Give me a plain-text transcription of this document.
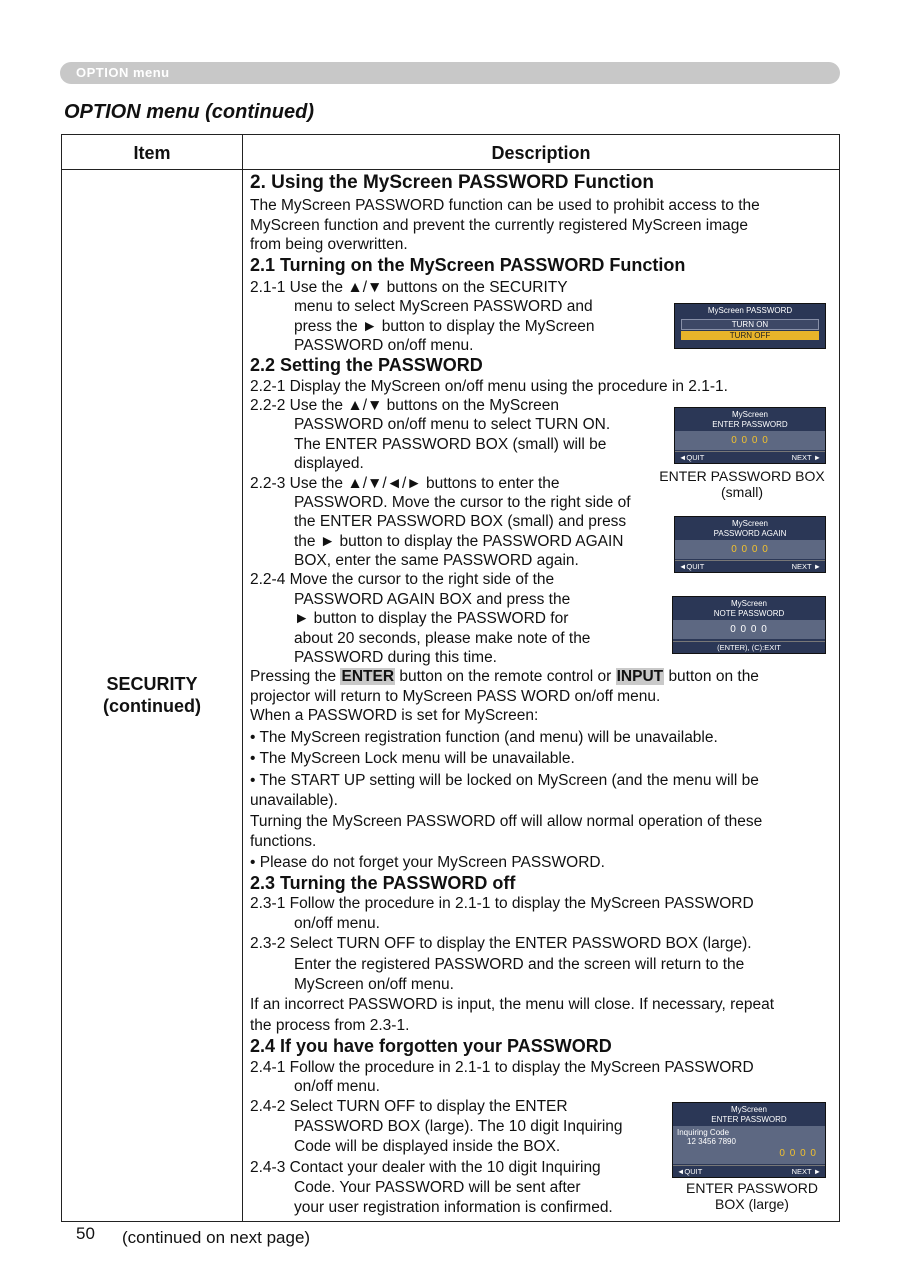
OPTION menu
OPTION menu (continued)
Item	Description
SECURITY
(continued)
2. Using the MyScreen PASSWORD Function
The MyScreen PASSWORD function can be used to prohibit access to the
MyScreen function and prevent the currently registered MyScreen image
from being overwritten.
2.1 Turning on the MyScreen PASSWORD Function
2.1-1 Use the ▲/▼ buttons on the SECURITY
menu to select MyScreen PASSWORD and
press the ► button to display the MyScreen
PASSWORD on/off menu.
2.2 Setting the PASSWORD
2.2-1 Display the MyScreen on/off menu using the procedure in 2.1-1.
2.2-2 Use the ▲/▼ buttons on the MyScreen
PASSWORD on/off menu to select TURN ON.
The ENTER PASSWORD BOX (small) will be
displayed.
2.2-3 Use the ▲/▼/◄/► buttons to enter the
PASSWORD. Move the cursor to the right side of
the ENTER PASSWORD BOX (small) and press
the ► button to display the PASSWORD AGAIN
BOX, enter the same PASSWORD again.
2.2-4 Move the cursor to the right side of the
PASSWORD AGAIN BOX and press the
► button to display the PASSWORD for
about 20 seconds, please make note of the
PASSWORD during this time.
Pressing the ENTER button on the remote control or INPUT button on the
projector will return to MyScreen PASS WORD on/off menu.
When a PASSWORD is set for MyScreen:
• The MyScreen registration function (and menu) will be unavailable.
• The MyScreen Lock menu will be unavailable.
• The START UP setting will be locked on MyScreen (and the menu will be
unavailable).
Turning the MyScreen PASSWORD off will allow normal operation of these
functions.
• Please do not forget your MyScreen PASSWORD.
2.3 Turning the PASSWORD off
2.3-1 Follow the procedure in 2.1-1 to display the MyScreen PASSWORD
on/off menu.
2.3-2 Select TURN OFF to display the ENTER PASSWORD BOX (large).
Enter the registered PASSWORD and the screen will return to the
MyScreen on/off menu.
If an incorrect PASSWORD is input, the menu will close. If necessary, repeat
the process from 2.3-1.
2.4 If you have forgotten your PASSWORD
2.4-1 Follow the procedure in 2.1-1 to display the MyScreen PASSWORD
on/off menu.
2.4-2 Select TURN OFF to display the ENTER
PASSWORD BOX (large). The 10 digit Inquiring
Code will be displayed inside the BOX.
2.4-3 Contact your dealer with the 10 digit Inquiring
Code. Your PASSWORD will be sent after
your user registration information is confirmed.
MyScreen PASSWORD
TURN ON
TURN OFF
MyScreen
ENTER PASSWORD
0 0 0 0
◄QUIT	NEXT ►
ENTER PASSWORD BOX
(small)
MyScreen
PASSWORD AGAIN
0 0 0 0
◄QUIT	NEXT ►
MyScreen
NOTE PASSWORD
0 0 0 0
(ENTER), (C):EXIT
MyScreen
ENTER PASSWORD
Inquiring Code
12 3456 7890
0 0 0 0
◄QUIT	NEXT ►
ENTER PASSWORD
BOX (large)
50 (continued on next page)
